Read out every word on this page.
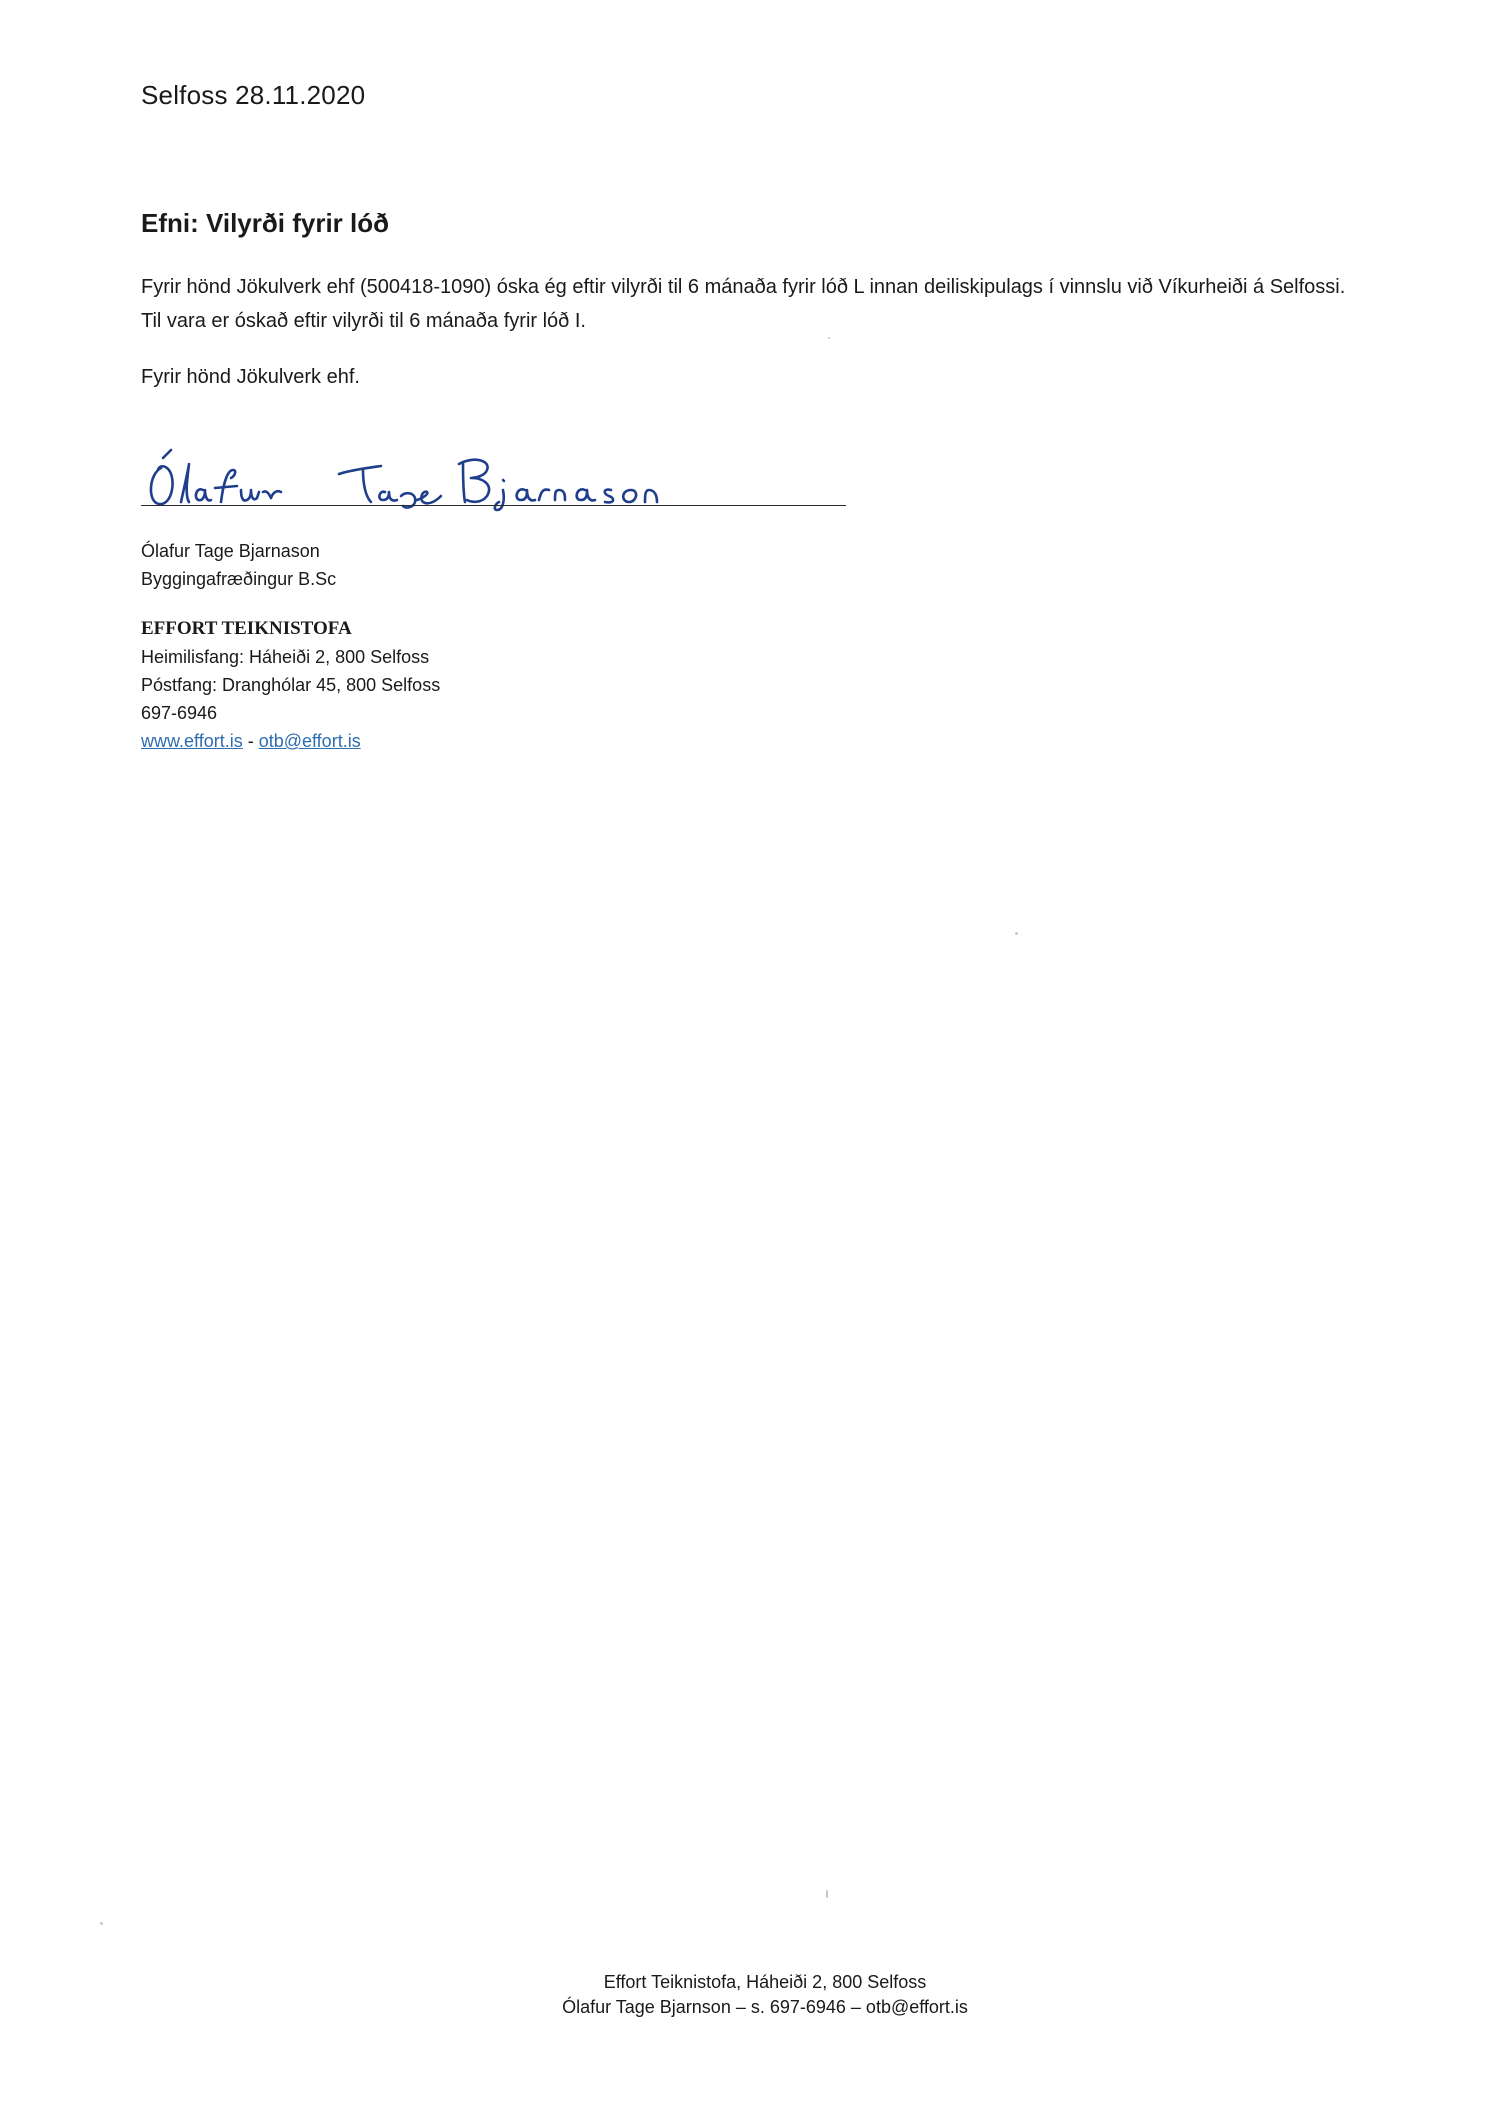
Selfoss 28.11.2020
Efni: Vilyrði fyrir lóð

Fyrir hönd Jökulverk ehf (500418-1090) óska ég eftir vilyrði til 6 mánaða fyrir lóð L innan deiliskipulags í vinnslu við Víkurheiði á Selfossi. Til vara er óskað eftir vilyrði til 6 mánaða fyrir lóð I.

Fyrir hönd Jökulverk ehf.

Ólafur Tage Bjarnason
Byggingafræðingur B.Sc
EFFORT TEIKNISTOFA
Heimilisfang: Háheiði 2, 800 Selfoss
Póstfang: Dranghólar 45, 800 Selfoss
697-6946
www.effort.is - otb@effort.is
Effort Teiknistofa, Háheiði 2, 800 Selfoss
Ólafur Tage Bjarnson – s. 697-6946 – otb@effort.is
